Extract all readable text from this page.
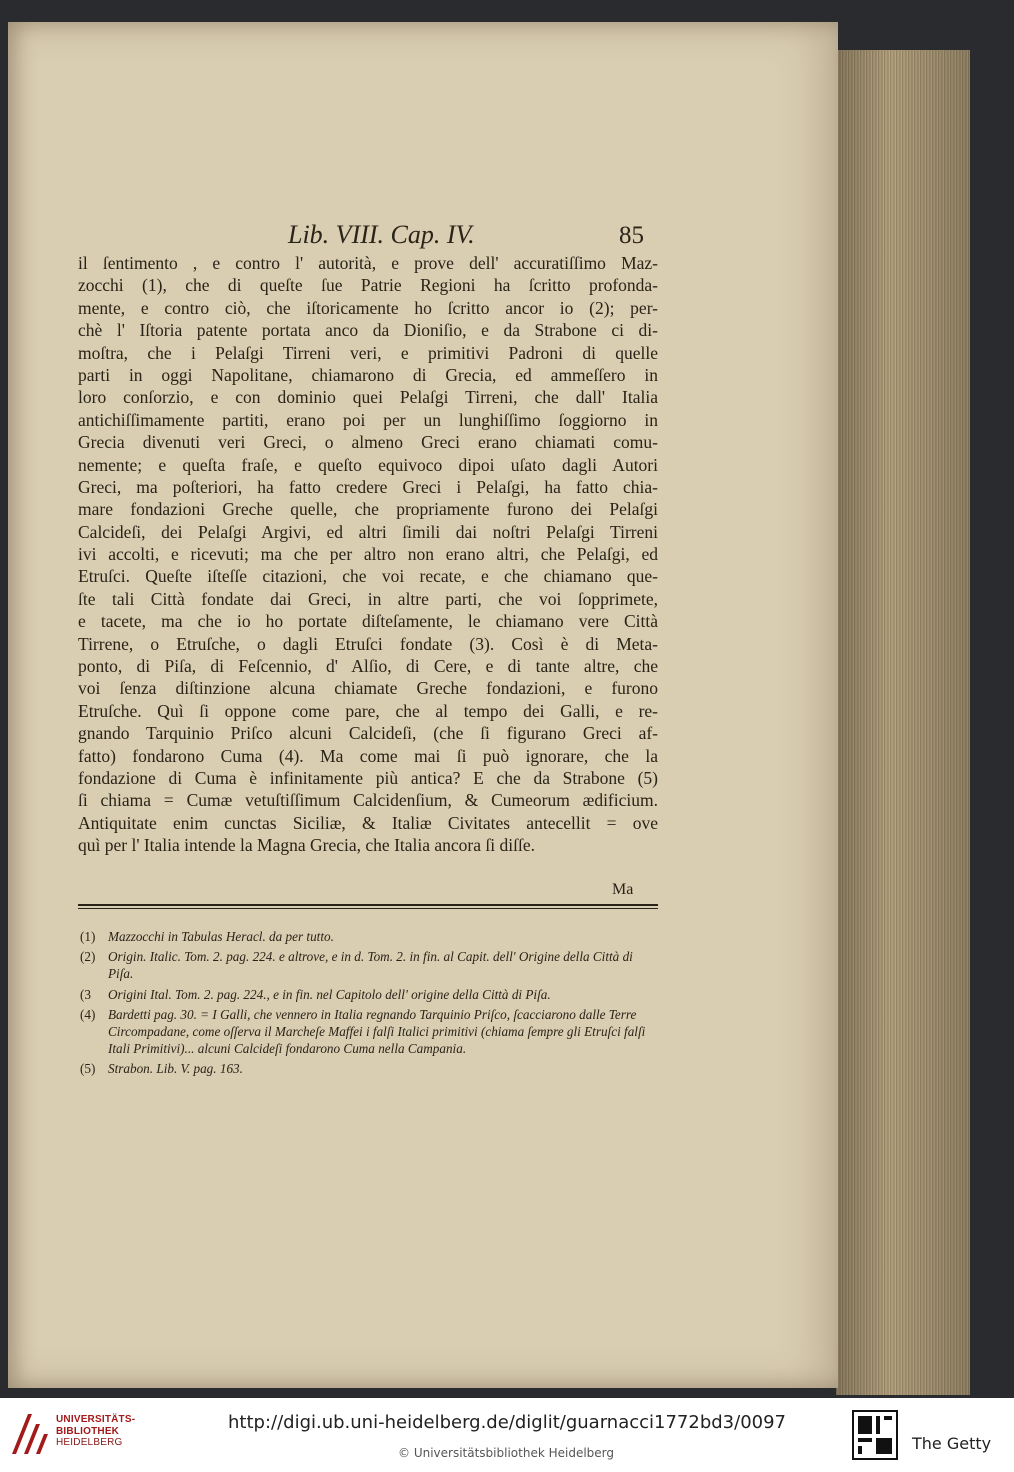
Lib. VIII. Cap. IV.	85
il ſentimento , e contro l' autorità, e prove dell' accuratiſſimo Maz-
zocchi (1), che di queſte ſue Patrie Regioni ha ſcritto profonda-
mente, e contro ciò, che iſtoricamente ho ſcritto ancor io (2); per-
chè l' Iſtoria patente portata anco da Dioniſio, e da Strabone ci di-
moſtra, che i Pelaſgi Tirreni veri, e primitivi Padroni di quelle
parti in oggi Napolitane, chiamarono di Grecia, ed ammeſſero in
loro conſorzio, e con dominio quei Pelaſgi Tirreni, che dall' Italia
antichiſſimamente partiti, erano poi per un lunghiſſimo ſoggiorno in
Grecia divenuti veri Greci, o almeno Greci erano chiamati comu-
nemente; e queſta fraſe, e queſto equivoco dipoi uſato dagli Autori
Greci, ma poſteriori, ha fatto credere Greci i Pelaſgi, ha fatto chia-
mare fondazioni Greche quelle, che propriamente furono dei Pelaſgi
Calcideſi, dei Pelaſgi Argivi, ed altri ſimili dai noſtri Pelaſgi Tirreni
ivi accolti, e ricevuti; ma che per altro non erano altri, che Pelaſgi, ed
Etruſci. Queſte iſteſſe citazioni, che voi recate, e che chiamano que-
ſte tali Città fondate dai Greci, in altre parti, che voi ſopprimete,
e tacete, ma che io ho portate diſteſamente, le chiamano vere Città
Tirrene, o Etruſche, o dagli Etruſci fondate (3). Così è di Meta-
ponto, di Piſa, di Feſcennio, d' Alſio, di Cere, e di tante altre, che
voi ſenza diſtinzione alcuna chiamate Greche fondazioni, e furono
Etruſche. Quì ſi oppone come pare, che al tempo dei Galli, e re-
gnando Tarquinio Priſco alcuni Calcideſi, (che ſi figurano Greci af-
fatto) fondarono Cuma (4). Ma come mai ſi può ignorare, che la
fondazione di Cuma è infinitamente più antica? E che da Strabone (5)
ſi chiama = Cumæ vetuſtiſſimum Calcidenſium, & Cumeorum ædificium.
Antiquitate enim cunctas Siciliæ, & Italiæ Civitates antecellit = ove
quì per l' Italia intende la Magna Grecia, che Italia ancora ſi diſſe.
Ma
(1) Mazzocchi in Tabulas Heracl. da per tutto.
(2) Origin. Italic. Tom. 2. pag. 224. e altrove, e in d. Tom. 2. in fin. al Capit. dell' Origine della Città di Piſa.
(3 Origini Ital. Tom. 2. pag. 224., e in fin. nel Capitolo dell' origine della Città di Piſa.
(4) Bardetti pag. 30. = I Galli, che vennero in Italia regnando Tarquinio Priſco, ſcacciarono dalle Terre Circompadane, come oſſerva il Marcheſe Maffei i falſi Italici primitivi (chiama ſempre gli Etruſci falſi Itali Primitivi)... alcuni Calcideſi fondarono Cuma nella Campania.
(5) Strabon. Lib. V. pag. 163.
UNIVERSITÄTS-
BIBLIOTHEK
HEIDELBERG
http://digi.ub.uni-heidelberg.de/diglit/guarnacci1772bd3/0097
© Universitätsbibliothek Heidelberg	The Getty
